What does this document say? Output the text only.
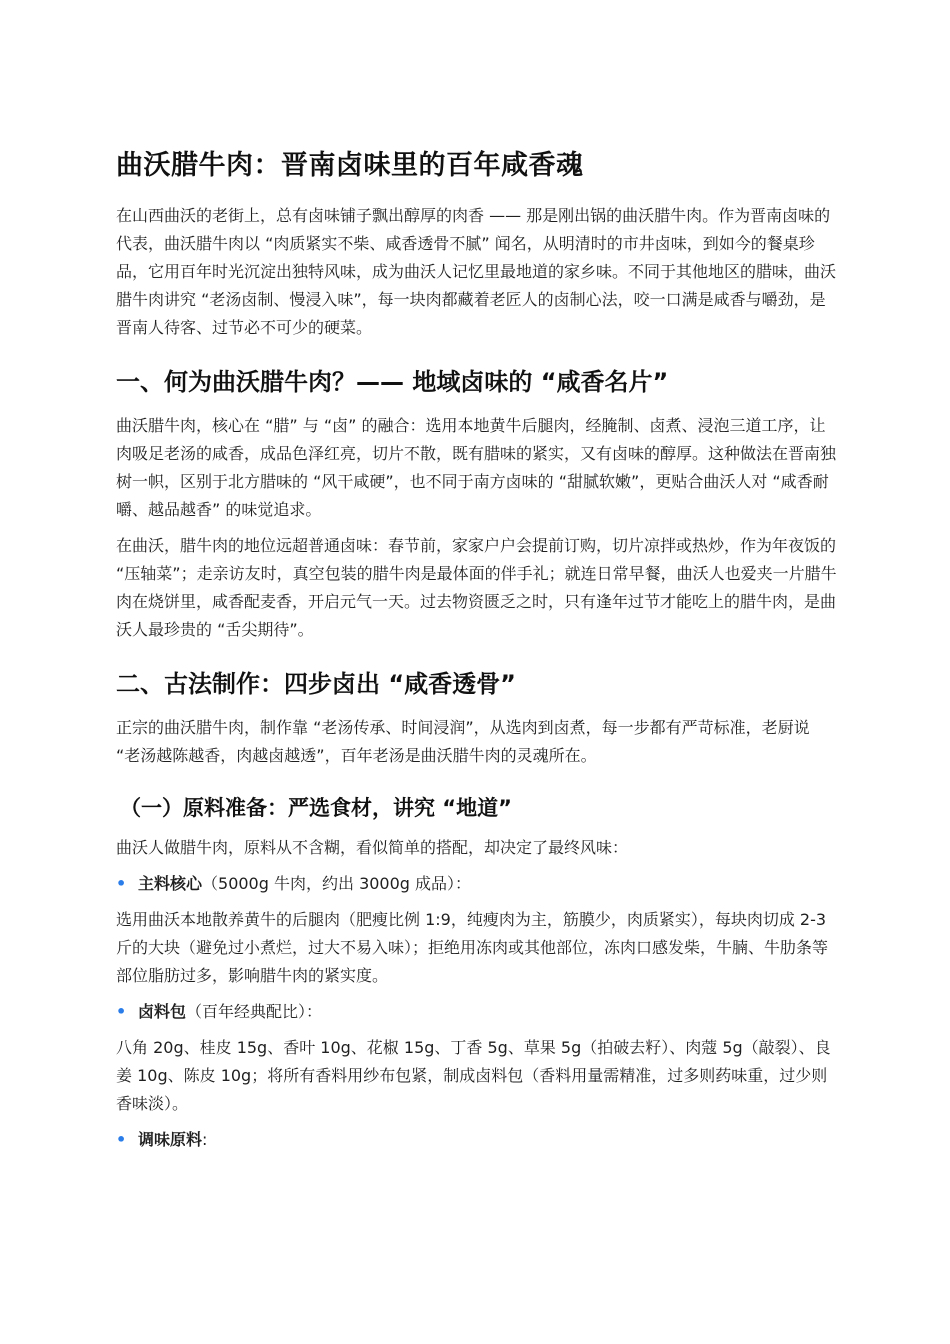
曲沃腊牛肉：晋南卤味里的百年咸香魂

在山西曲沃的老街上，总有卤味铺子飘出醇厚的肉香 —— 那是刚出锅的曲沃腊牛肉。作为晋南卤味的代表，曲沃腊牛肉以 “肉质紧实不柴、咸香透骨不腻” 闻名，从明清时的市井卤味，到如今的餐桌珍品，它用百年时光沉淀出独特风味，成为曲沃人记忆里最地道的家乡味。不同于其他地区的腊味，曲沃腊牛肉讲究 “老汤卤制、慢浸入味”，每一块肉都藏着老匠人的卤制心法，咬一口满是咸香与嚼劲，是晋南人待客、过节必不可少的硬菜。

一、何为曲沃腊牛肉？—— 地域卤味的 “咸香名片”

曲沃腊牛肉，核心在 “腊” 与 “卤” 的融合：选用本地黄牛后腿肉，经腌制、卤煮、浸泡三道工序，让肉吸足老汤的咸香，成品色泽红亮，切片不散，既有腊味的紧实，又有卤味的醇厚。这种做法在晋南独树一帜，区别于北方腊味的 “风干咸硬”，也不同于南方卤味的 “甜腻软嫩”，更贴合曲沃人对 “咸香耐嚼、越品越香” 的味觉追求。

在曲沃，腊牛肉的地位远超普通卤味：春节前，家家户户会提前订购，切片凉拌或热炒，作为年夜饭的 “压轴菜”；走亲访友时，真空包装的腊牛肉是最体面的伴手礼；就连日常早餐，曲沃人也爱夹一片腊牛肉在烧饼里，咸香配麦香，开启元气一天。过去物资匮乏之时，只有逢年过节才能吃上的腊牛肉，是曲沃人最珍贵的 “舌尖期待”。

二、古法制作：四步卤出 “咸香透骨”

正宗的曲沃腊牛肉，制作靠 “老汤传承、时间浸润”，从选肉到卤煮，每一步都有严苛标准，老厨说 “老汤越陈越香，肉越卤越透”，百年老汤是曲沃腊牛肉的灵魂所在。

（一）原料准备：严选食材，讲究 “地道”

曲沃人做腊牛肉，原料从不含糊，看似简单的搭配，却决定了最终风味：

• 主料核心（5000g 牛肉，约出 3000g 成品）：

选用曲沃本地散养黄牛的后腿肉（肥瘦比例 1:9，纯瘦肉为主，筋膜少，肉质紧实），每块肉切成 2-3 斤的大块（避免过小煮烂，过大不易入味）；拒绝用冻肉或其他部位，冻肉口感发柴，牛腩、牛肋条等部位脂肪过多，影响腊牛肉的紧实度。

• 卤料包（百年经典配比）：

八角 20g、桂皮 15g、香叶 10g、花椒 15g、丁香 5g、草果 5g（拍破去籽）、肉蔻 5g（敲裂）、良姜 10g、陈皮 10g；将所有香料用纱布包紧，制成卤料包（香料用量需精准，过多则药味重，过少则香味淡）。

• 调味原料:
